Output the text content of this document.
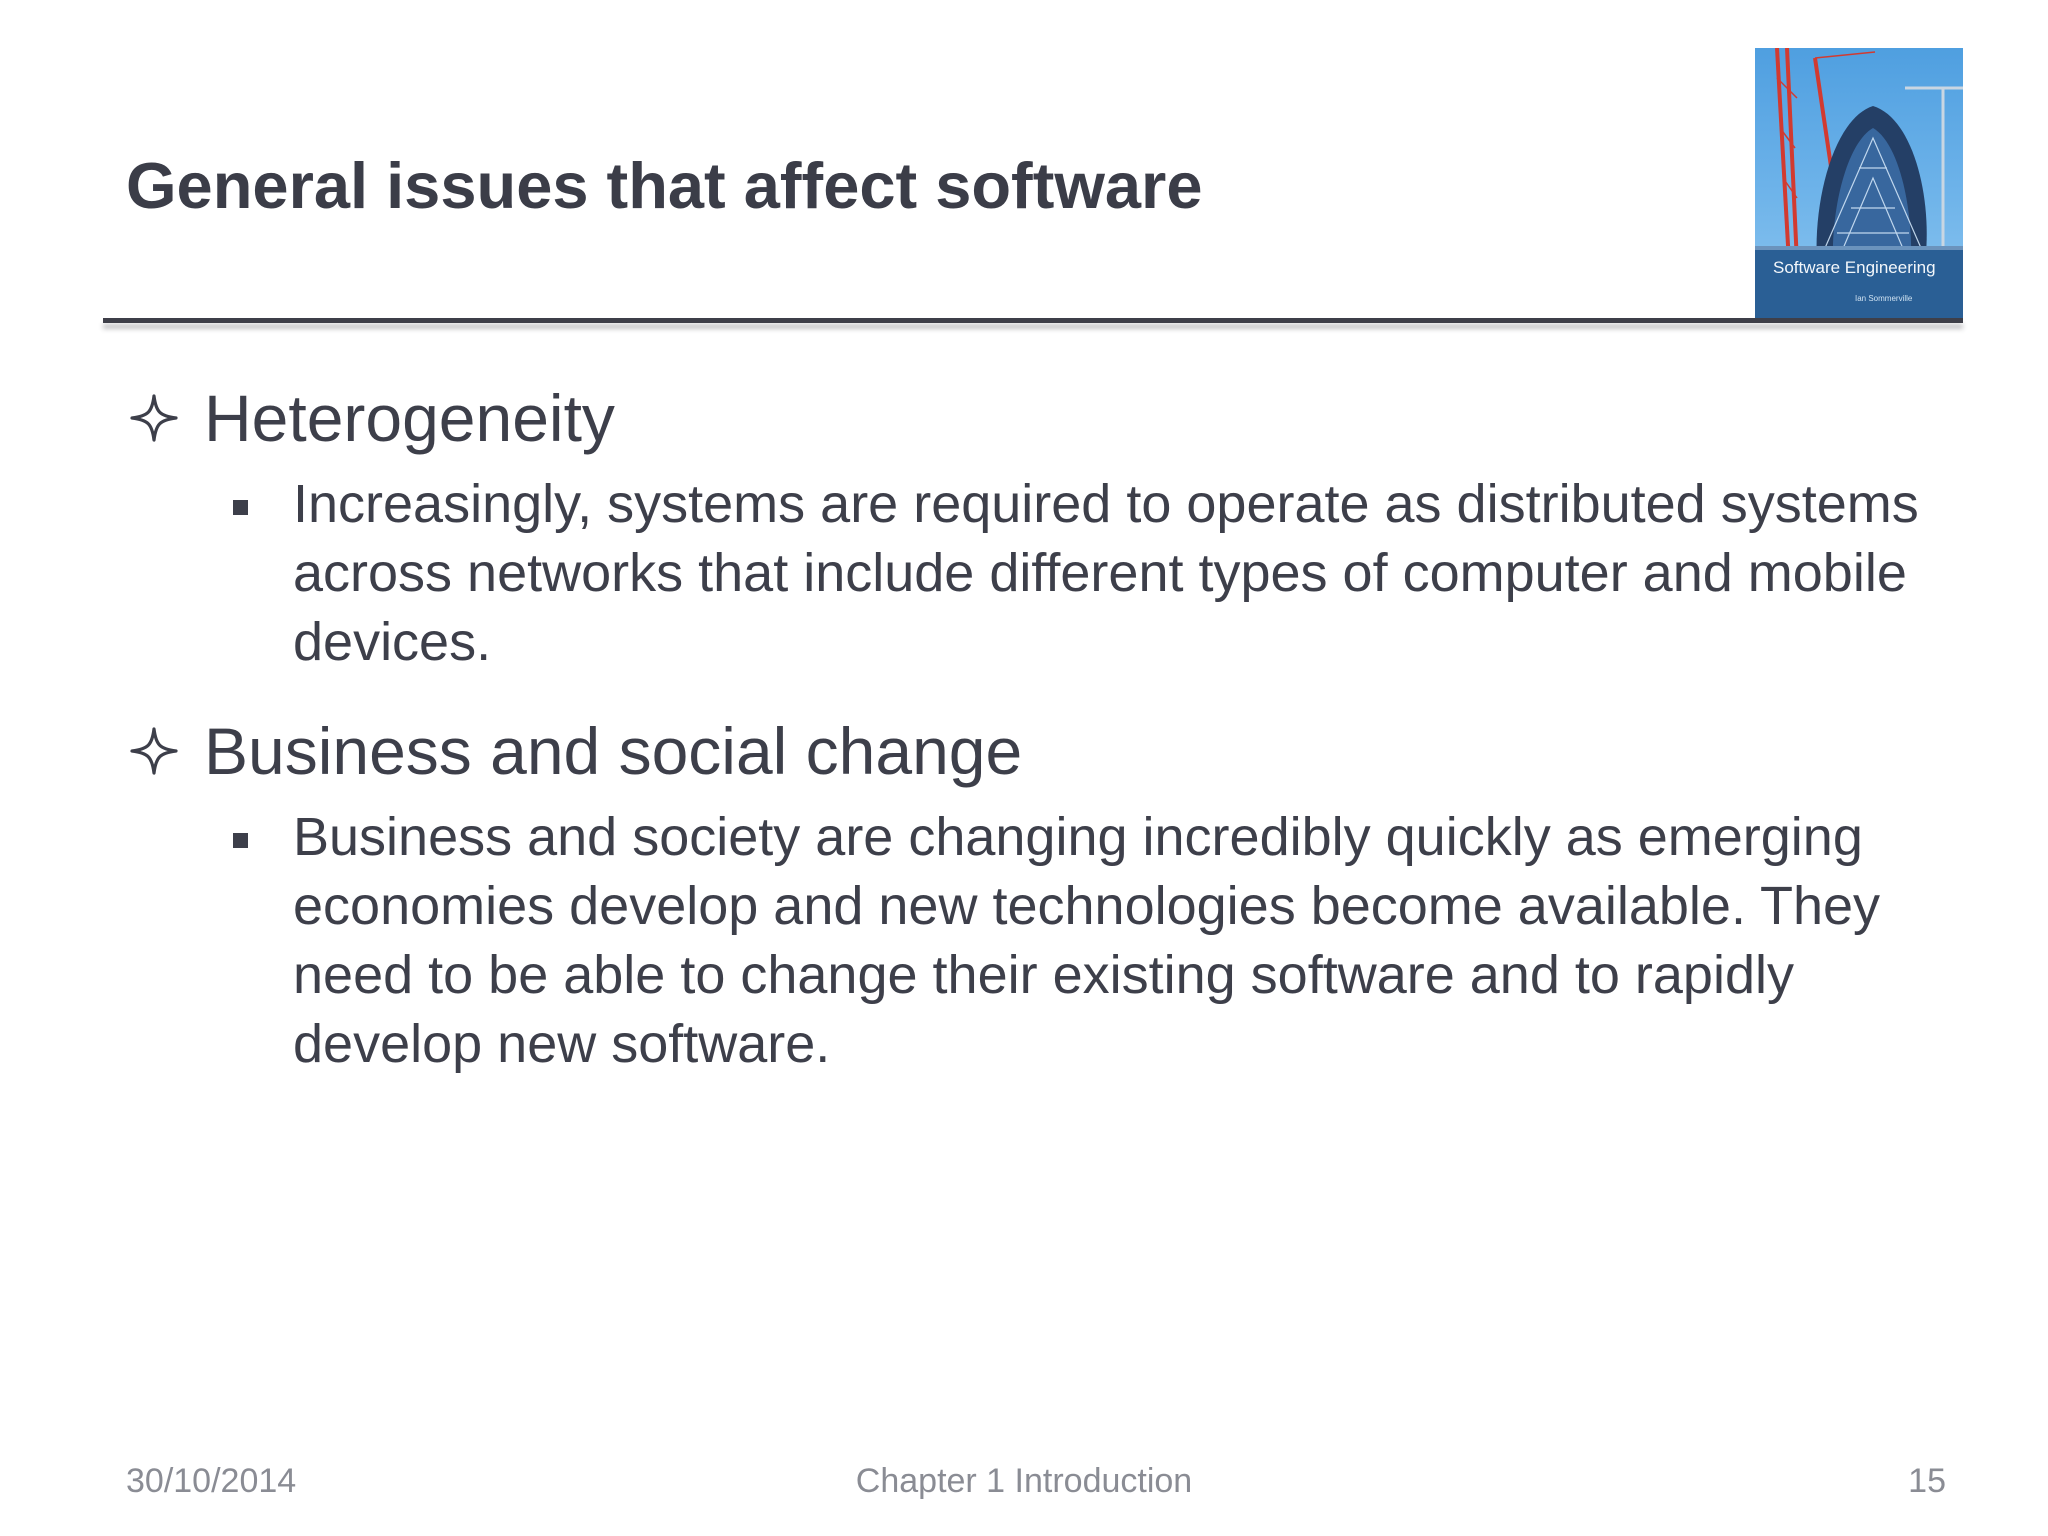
General issues that affect software
Software Engineering
Ian Sommerville
Heterogeneity
Increasingly, systems are required to operate as distributed systems across networks that include different types of computer and mobile devices.
Business and social change
Business and society are changing incredibly quickly as emerging economies develop and new technologies become available. They need to be able to change their existing software and to rapidly develop new software.
30/10/2014	Chapter 1 Introduction	15
